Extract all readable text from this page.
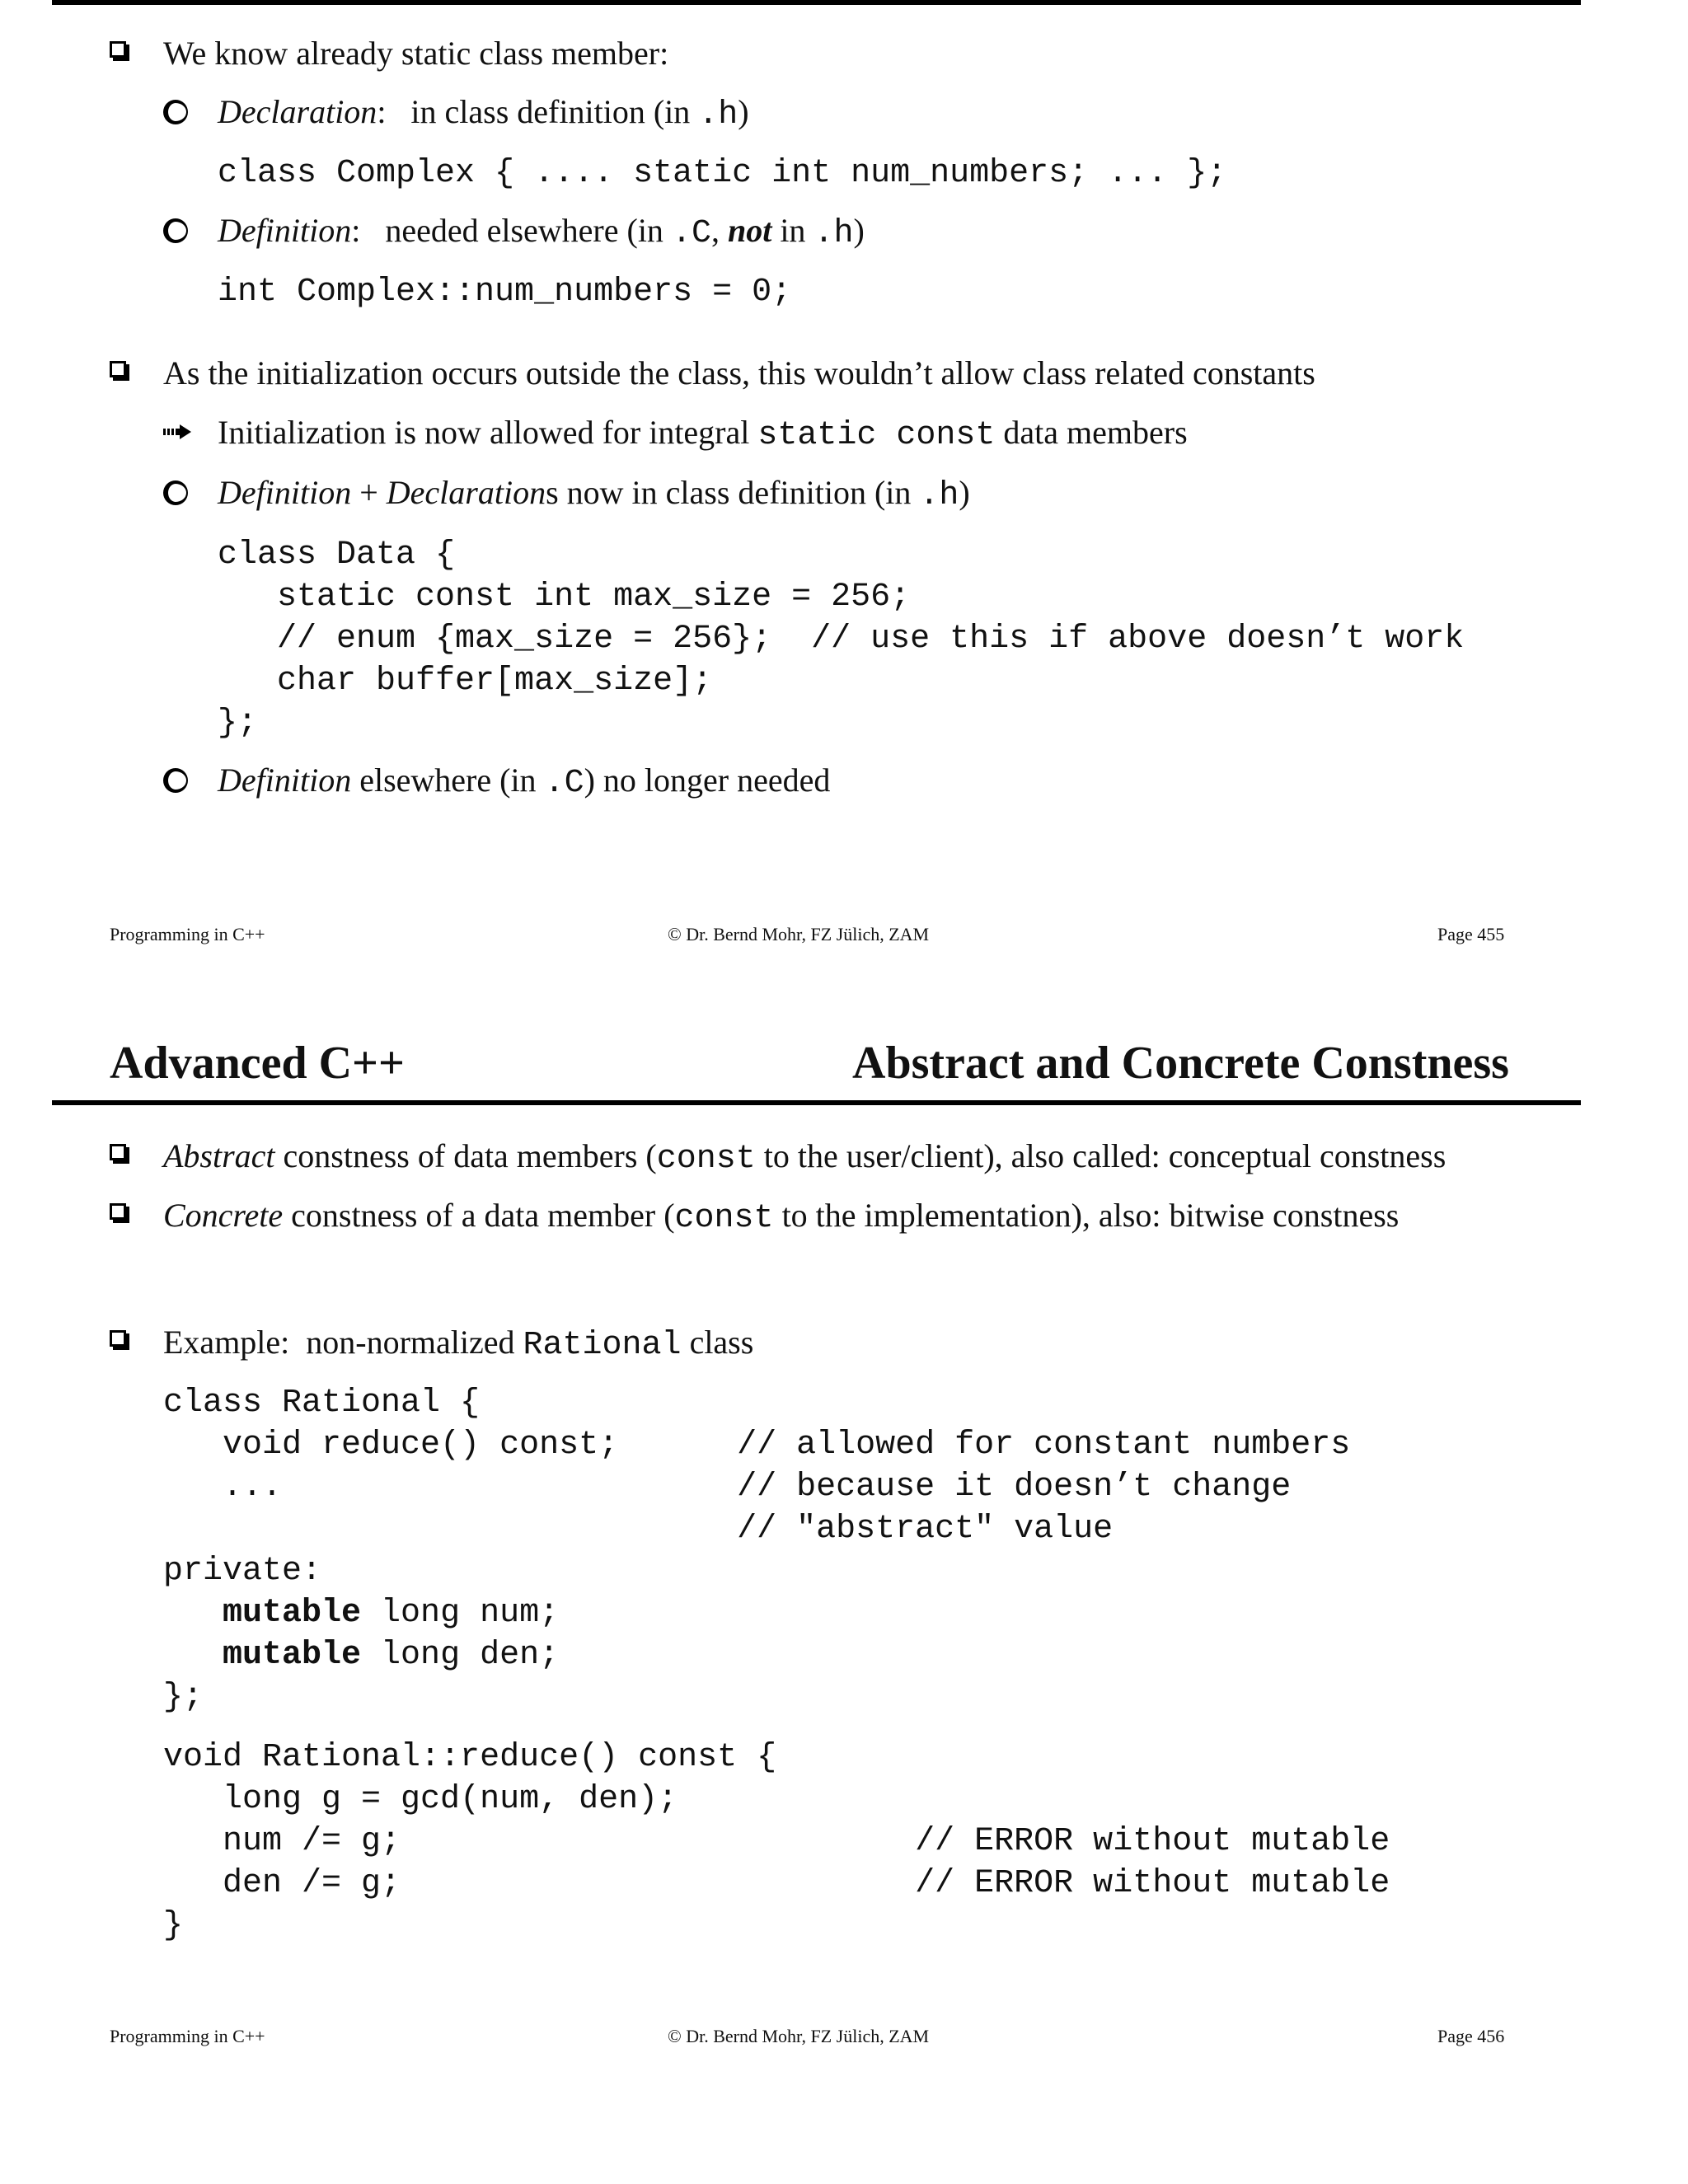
We know already static class member:
Declaration:   in class definition (in .h)
class Complex { .... static int num_numbers; ... };
Definition:   needed elsewhere (in .C, not in .h)
int Complex::num_numbers = 0;
As the initialization occurs outside the class, this wouldn’t allow class related constants
Initialization is now allowed for integral static const data members
Definition + Declarations now in class definition (in .h)
class Data {
static const int max_size = 256;
// enum {max_size = 256};  // use this if above doesn’t work
char buffer[max_size];
};
Definition elsewhere (in .C) no longer needed
Programming in C++	© Dr. Bernd Mohr, FZ Jülich, ZAM	Page 455
Advanced C++	Abstract and Concrete Constness
Abstract constness of data members (const to the user/client), also called: conceptual constness
Concrete constness of a data member (const to the implementation), also: bitwise constness
Example:  non-normalized Rational class
class Rational {
void reduce() const;      // allowed for constant numbers
...                       // because it doesn’t change
// "abstract" value
private:
mutable long num;
mutable long den;
};
void Rational::reduce() const {
long g = gcd(num, den);
num /= g;                          // ERROR without mutable
den /= g;                          // ERROR without mutable
}
Programming in C++	© Dr. Bernd Mohr, FZ Jülich, ZAM	Page 456
